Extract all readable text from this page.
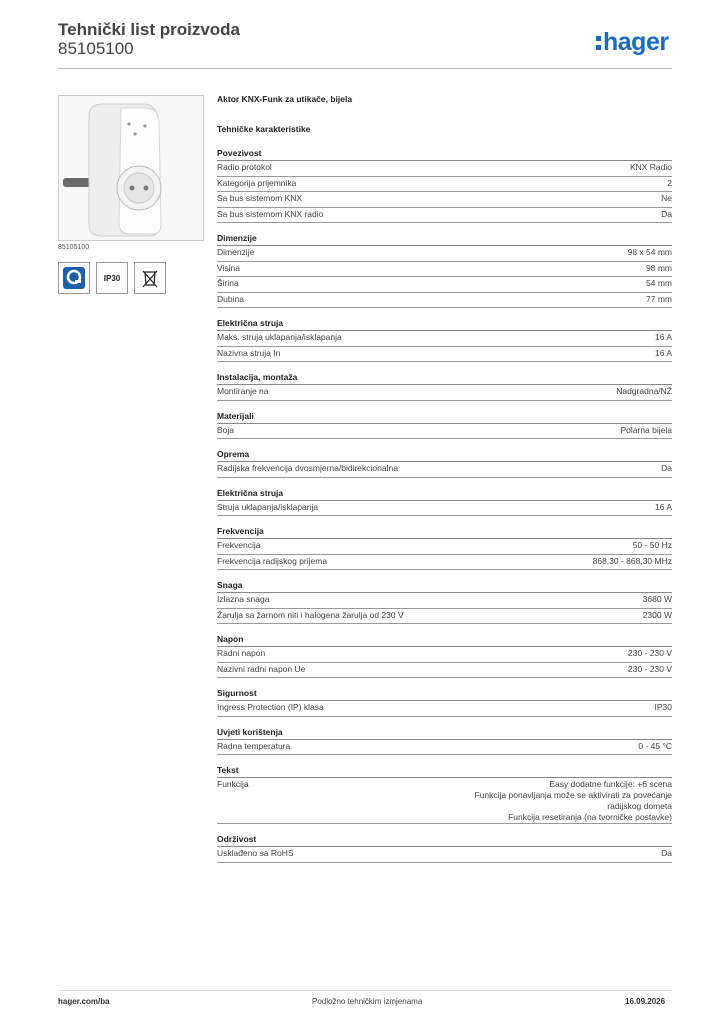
Tehnički list proizvoda
85105100	hager
85105100
IP30
Aktor KNX-Funk za utikače, bijela
Tehničke karakteristike
Povezivost
Radio protokol	KNX Radio
Kategorija prijemnika	2
Sa bus sistemom KNX	Ne
Sa bus sistemom KNX radio	Da
Dimenzije
Dimenzije	98 x 54 mm
Visina	98 mm
Širina	54 mm
Dubina	77 mm
Električna struja
Maks. struja uklapanja/isklapanja	16 A
Nazivna struja In	16 A
Instalacija, montaža
Montiranje na	Nadgradna/NŽ
Materijali
Boja	Polarna bijela
Oprema
Radijska frekvencija dvosmjerna/bidirekcionalna	Da
Električna struja
Struja uklapanja/isklapanja	16 A
Frekvencija
Frekvencija	50 - 50 Hz
Frekvencija radijskog prijema	868,30 - 868,30 MHz
Snaga
Izlazna snaga	3680 W
Žarulja sa žarnom niti i halogena žarulja od 230 V	2300 W
Napon
Radni napon	230 - 230 V
Nazivni radni napon Ue	230 - 230 V
Sigurnost
Ingress Protection (IP) klasa	IP30
Uvjeti korištenja
Radna temperatura	0 - 45 °C
Tekst
Funkcija	Easy dodatne funkcije: +6 scena
Funkcija ponavljanja može se aktivirati za povećanje
radijskog dometa
Funkcija resetiranja (na tvorničke postavke)
Održivost
Usklađeno sa RoHS	Da
hager.com/ba	Podložno tehničkim izmjenama	16.09.2026
